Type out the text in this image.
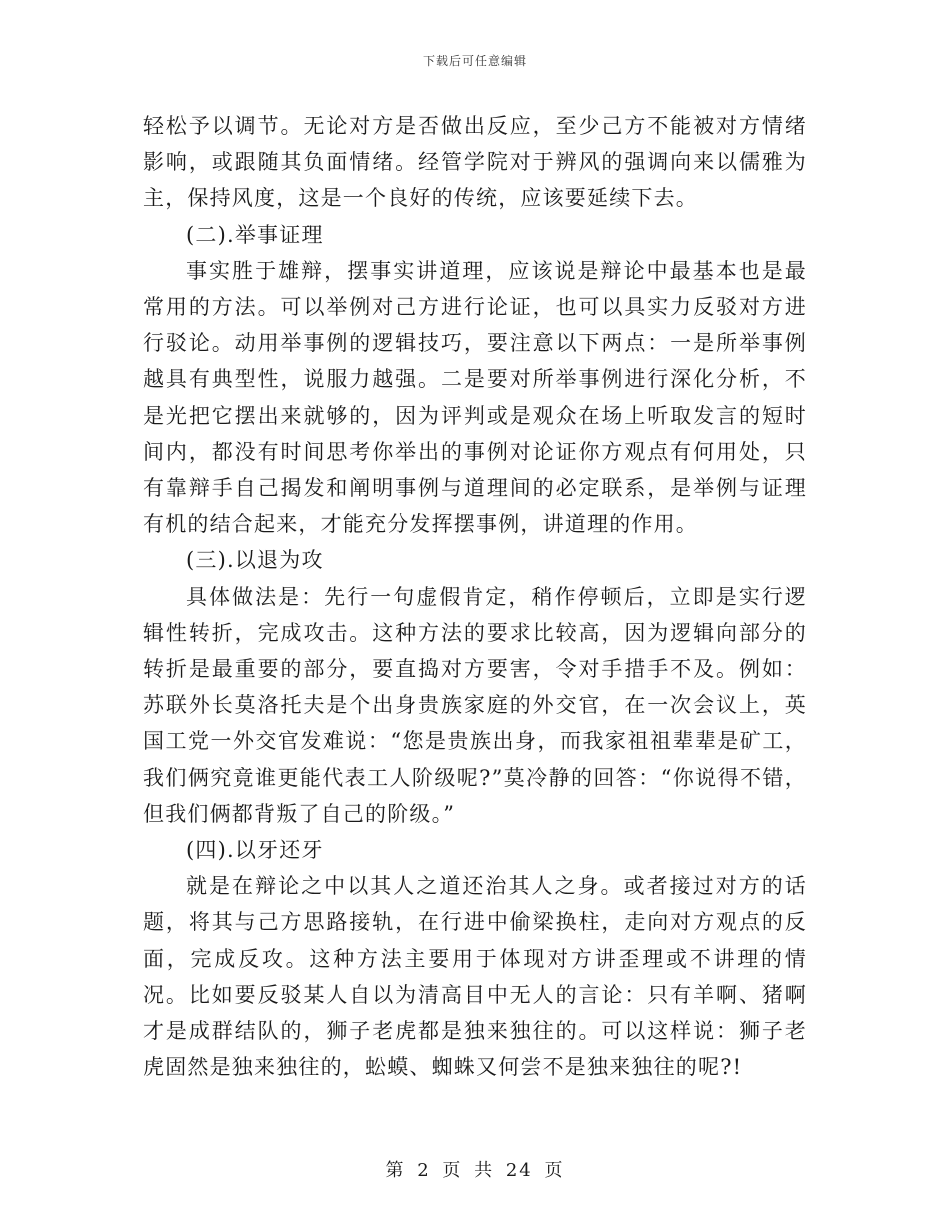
下载后可任意编辑

轻松予以调节。无论对方是否做出反应，至少己方不能被对方情绪影响，或跟随其负面情绪。经管学院对于辨风的强调向来以儒雅为主，保持风度，这是一个良好的传统，应该要延续下去。

(二).举事证理

事实胜于雄辩，摆事实讲道理，应该说是辩论中最基本也是最常用的方法。可以举例对己方进行论证，也可以具实力反驳对方进行驳论。动用举事例的逻辑技巧，要注意以下两点：一是所举事例越具有典型性，说服力越强。二是要对所举事例进行深化分析，不是光把它摆出来就够的，因为评判或是观众在场上听取发言的短时间内，都没有时间思考你举出的事例对论证你方观点有何用处，只有靠辩手自己揭发和阐明事例与道理间的必定联系，是举例与证理有机的结合起来，才能充分发挥摆事例，讲道理的作用。

(三).以退为攻

具体做法是：先行一句虚假肯定，稍作停顿后，立即是实行逻辑性转折，完成攻击。这种方法的要求比较高，因为逻辑向部分的转折是最重要的部分，要直捣对方要害，令对手措手不及。例如：苏联外长莫洛托夫是个出身贵族家庭的外交官，在一次会议上，英国工党一外交官发难说：“您是贵族出身，而我家祖祖辈辈是矿工，我们俩究竟谁更能代表工人阶级呢?”莫冷静的回答：“你说得不错，但我们俩都背叛了自己的阶级。”

(四).以牙还牙

就是在辩论之中以其人之道还治其人之身。或者接过对方的话题，将其与己方思路接轨，在行进中偷梁换柱，走向对方观点的反面，完成反攻。这种方法主要用于体现对方讲歪理或不讲理的情况。比如要反驳某人自以为清高目中无人的言论：只有羊啊、猪啊才是成群结队的，狮子老虎都是独来独往的。可以这样说：狮子老虎固然是独来独往的，蚣蟆、蜘蛛又何尝不是独来独往的呢?!

第 2 页 共 24 页
